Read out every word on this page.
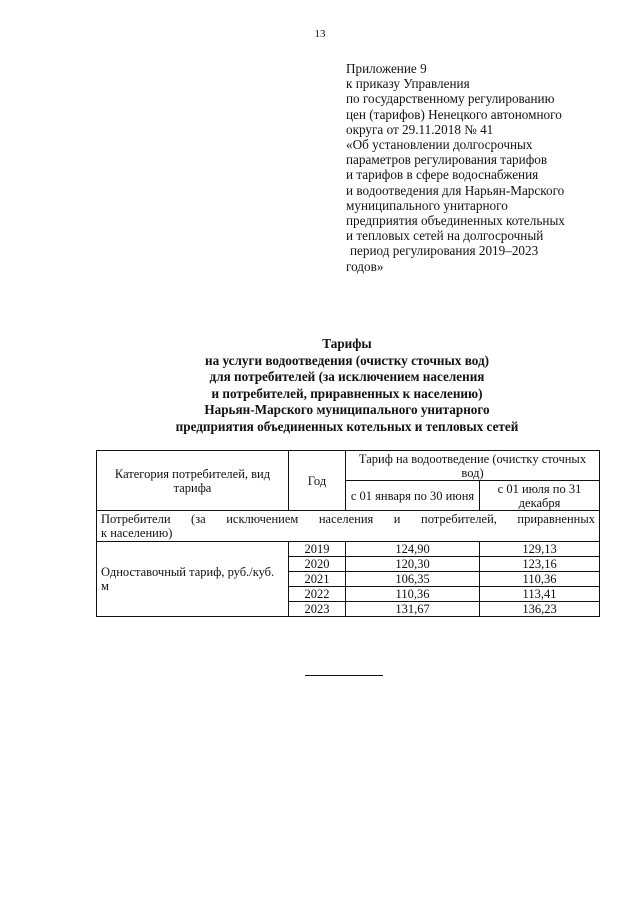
13
Приложение 9
к приказу Управления
по государственному регулированию
цен (тарифов) Ненецкого автономного
округа от 29.11.2018 № 41
«Об установлении долгосрочных
параметров регулирования тарифов
и тарифов в сфере водоснабжения
и водоотведения для Нарьян-Марского
муниципального унитарного
предприятия объединенных котельных
и тепловых сетей на долгосрочный
период регулирования 2019–2023
годов»
Тарифы
на услуги водоотведения (очистку сточных вод)
для потребителей (за исключением населения
и потребителей, приравненных к населению)
Нарьян-Марского муниципального унитарного
предприятия объединенных котельных и тепловых сетей
Категория потребителей, вид тарифа	Год	Тариф на водоотведение (очистку сточных вод)	
		с 01 января по 30 июня	с 01 июля по 31 декабря

Потребители (за исключением населения и потребителей, приравненных
к населению)			

Одноставочный тариф, руб./куб. м	2019	124,90	129,13
	2020	120,30	123,16
	2021	106,35	110,36
	2022	110,36	113,41
	2023	131,67	136,23
